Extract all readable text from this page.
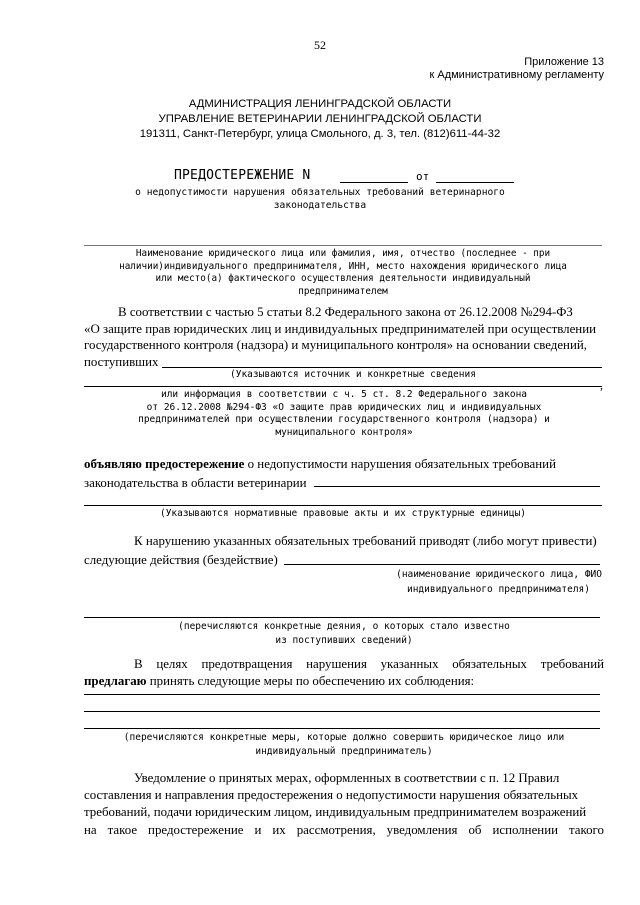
52
Приложение 13
к Административному регламенту
АДМИНИСТРАЦИЯ ЛЕНИНГРАДСКОЙ ОБЛАСТИ
УПРАВЛЕНИЕ ВЕТЕРИНАРИИ ЛЕНИНГРАДСКОЙ ОБЛАСТИ
191311, Санкт-Петербург, улица Смольного, д. 3, тел. (812)611-44-32
ПРЕДОСТЕРЕЖЕНИЕ N	от
о недопустимости нарушения обязательных требований ветеринарного
законодательства
Наименование юридического лица или фамилия, имя, отчество (последнее - при
наличии)индивидуального предпринимателя, ИНН, место нахождения юридического лица
или место(а) фактического осуществления деятельности индивидуальный
предпринимателем
В соответствии с частью 5 статьи 8.2 Федерального закона от 26.12.2008 №294-ФЗ
«О защите прав юридических лиц и индивидуальных предпринимателей при осуществлении
государственного контроля (надзора) и муниципального контроля» на основании сведений,
поступивших
(Указываются источник и конкретные сведения
,
или информация в соответствии с ч. 5 ст. 8.2 Федерального закона
от 26.12.2008 №294-ФЗ «О защите прав юридических лиц и индивидуальных
предпринимателей при осуществлении государственного контроля (надзора) и
муниципального контроля»
объявляю предостережение о недопустимости нарушения обязательных требований
законодательства в области ветеринарии
(Указываются нормативные правовые акты и их структурные единицы)
К нарушению указанных обязательных требований приводят (либо могут привести)
следующие действия (бездействие)
(наименование юридического лица, ФИО
индивидуального предпринимателя)
(перечисляются конкретные деяния, о которых стало известно
из поступивших сведений)
В целях предотвращения нарушения указанных обязательных требований
предлагаю принять следующие меры по обеспечению их соблюдения:
(перечисляются конкретные меры, которые должно совершить юридическое лицо или
индивидуальный предприниматель)
Уведомление о принятых мерах, оформленных в соответствии с п. 12 Правил
составления и направления предостережения о недопустимости нарушения обязательных
требований, подачи юридическим лицом, индивидуальным предпринимателем возражений
на такое предостережение и их рассмотрения, уведомления об исполнении такого
